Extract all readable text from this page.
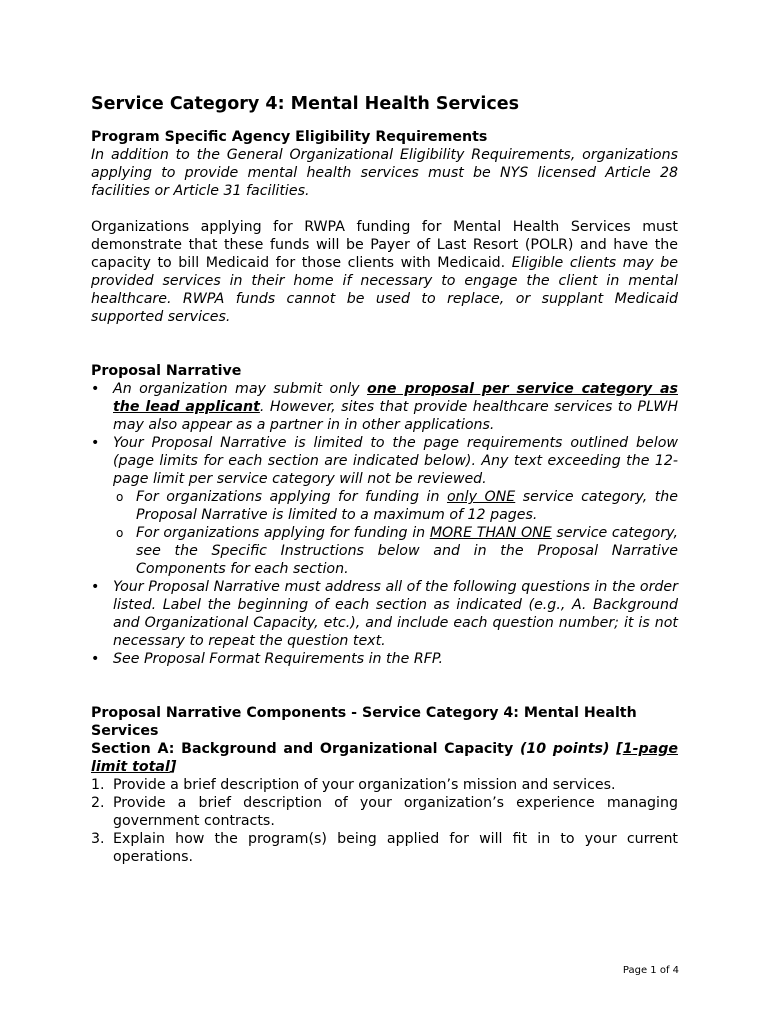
Service Category 4: Mental Health Services
Program Specific Agency Eligibility Requirements

In addition to the General Organizational Eligibility Requirements, organizations applying to provide mental health services must be NYS licensed Article 28 facilities or Article 31 facilities.

Organizations applying for RWPA funding for Mental Health Services must demonstrate that these funds will be Payer of Last Resort (POLR) and have the capacity to bill Medicaid for those clients with Medicaid. Eligible clients may be provided services in their home if necessary to engage the client in mental healthcare. RWPA funds cannot be used to replace, or supplant Medicaid supported services.

Proposal Narrative
• An organization may submit only one proposal per service category as the lead applicant. However, sites that provide healthcare services to PLWH may also appear as a partner in in other applications.
• Your Proposal Narrative is limited to the page requirements outlined below (page limits for each section are indicated below). Any text exceeding the 12-page limit per service category will not be reviewed.
o For organizations applying for funding in only ONE service category, the Proposal Narrative is limited to a maximum of 12 pages.
o For organizations applying for funding in MORE THAN ONE service category, see the Specific Instructions below and in the Proposal Narrative Components for each section.
• Your Proposal Narrative must address all of the following questions in the order listed. Label the beginning of each section as indicated (e.g., A. Background and Organizational Capacity, etc.), and include each question number; it is not necessary to repeat the question text.
• See Proposal Format Requirements in the RFP.
Proposal Narrative Components - Service Category 4: Mental Health Services

Section A: Background and Organizational Capacity (10 points) [1-page limit total]

1. Provide a brief description of your organization’s mission and services.
2. Provide a brief description of your organization’s experience managing government contracts.
3. Explain how the program(s) being applied for will fit in to your current operations.
Page 1 of 4
